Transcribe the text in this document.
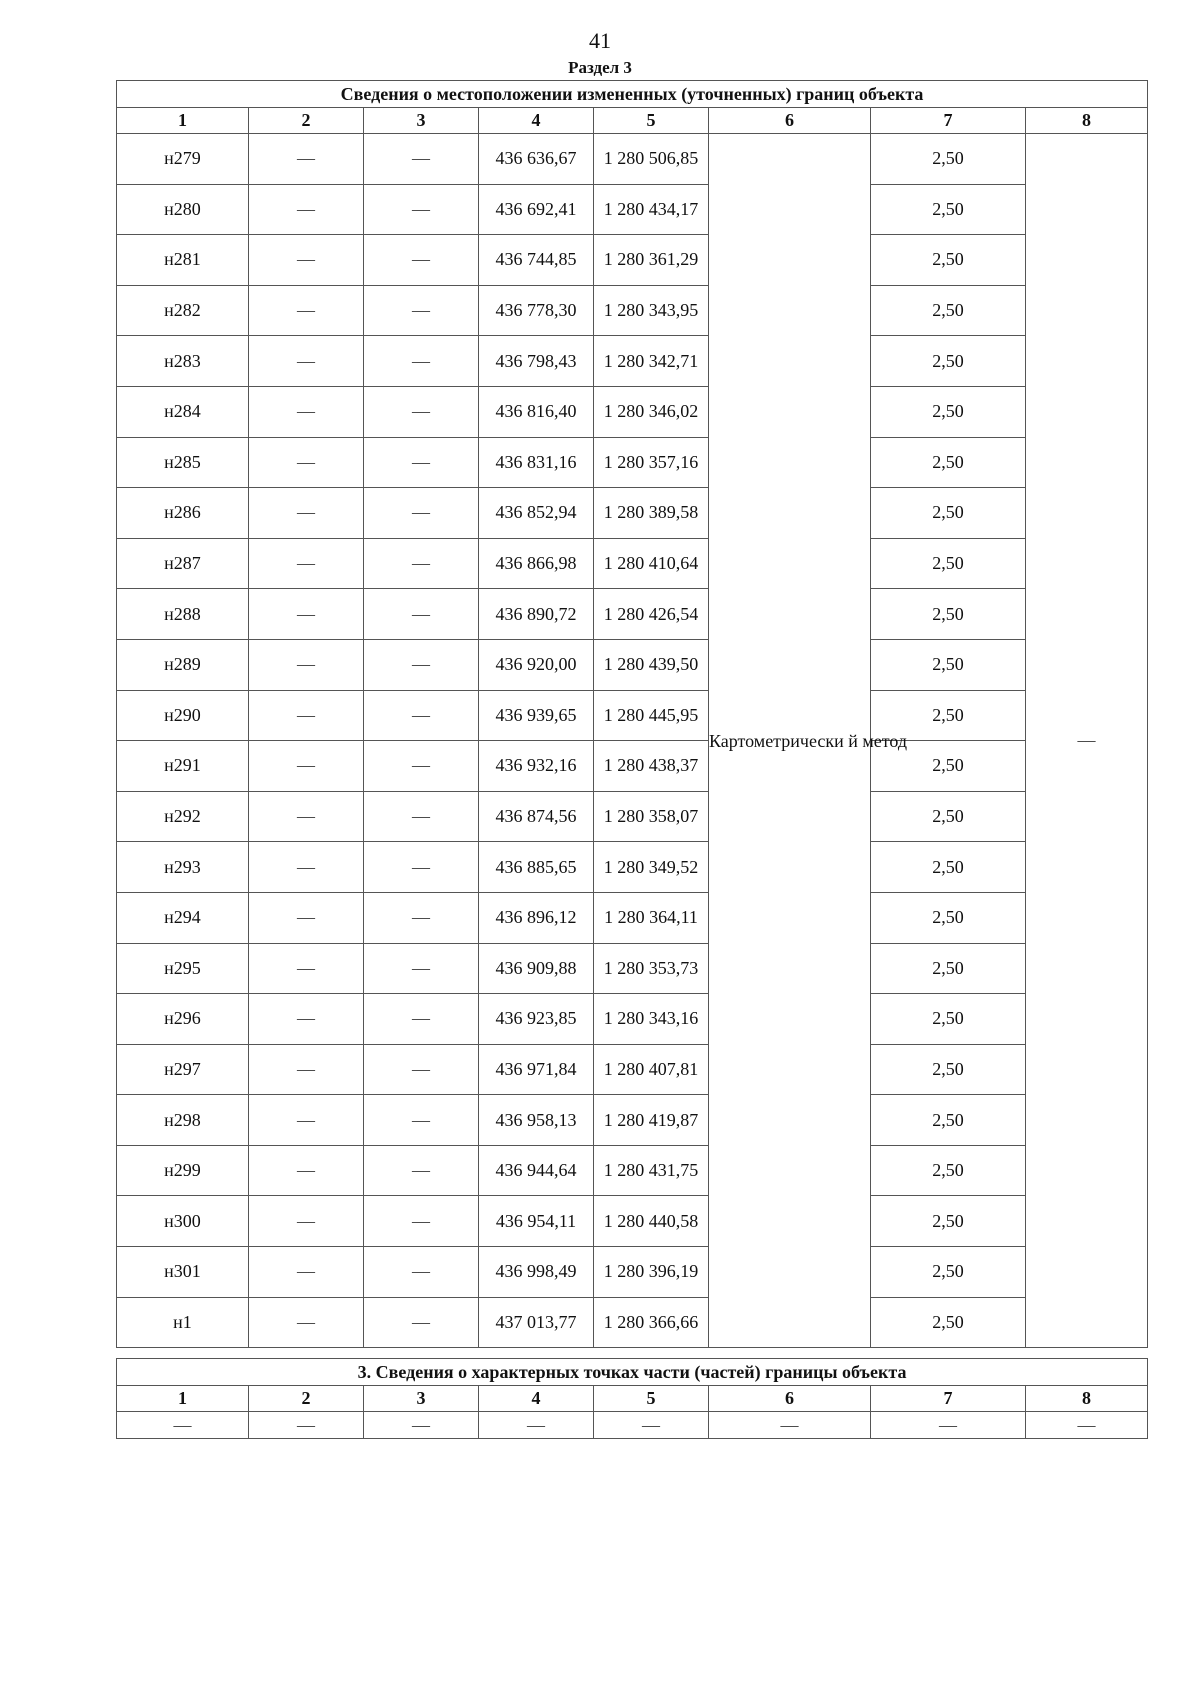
41
Раздел 3
Сведения о местоположении измененных (уточненных) границ объекта							
1	2	3	4	5	6	7	8
н279	—	—	436 636,67	1 280 506,85	Картометрически й метод	2,50	—
н280	—	—	436 692,41	1 280 434,17		2,50	
н281	—	—	436 744,85	1 280 361,29		2,50	
н282	—	—	436 778,30	1 280 343,95		2,50	
н283	—	—	436 798,43	1 280 342,71		2,50	
н284	—	—	436 816,40	1 280 346,02		2,50	
н285	—	—	436 831,16	1 280 357,16		2,50	
н286	—	—	436 852,94	1 280 389,58		2,50	
н287	—	—	436 866,98	1 280 410,64		2,50	
н288	—	—	436 890,72	1 280 426,54		2,50	
н289	—	—	436 920,00	1 280 439,50		2,50	
н290	—	—	436 939,65	1 280 445,95		2,50	
н291	—	—	436 932,16	1 280 438,37		2,50	
н292	—	—	436 874,56	1 280 358,07		2,50	
н293	—	—	436 885,65	1 280 349,52		2,50	
н294	—	—	436 896,12	1 280 364,11		2,50	
н295	—	—	436 909,88	1 280 353,73		2,50	
н296	—	—	436 923,85	1 280 343,16		2,50	
н297	—	—	436 971,84	1 280 407,81		2,50	
н298	—	—	436 958,13	1 280 419,87		2,50	
н299	—	—	436 944,64	1 280 431,75		2,50	
н300	—	—	436 954,11	1 280 440,58		2,50	
н301	—	—	436 998,49	1 280 396,19		2,50	
н1	—	—	437 013,77	1 280 366,66		2,50	
3. Сведения о характерных точках части (частей) границы объекта							
1	2	3	4	5	6	7	8
—	—	—	—	—	—	—	—
